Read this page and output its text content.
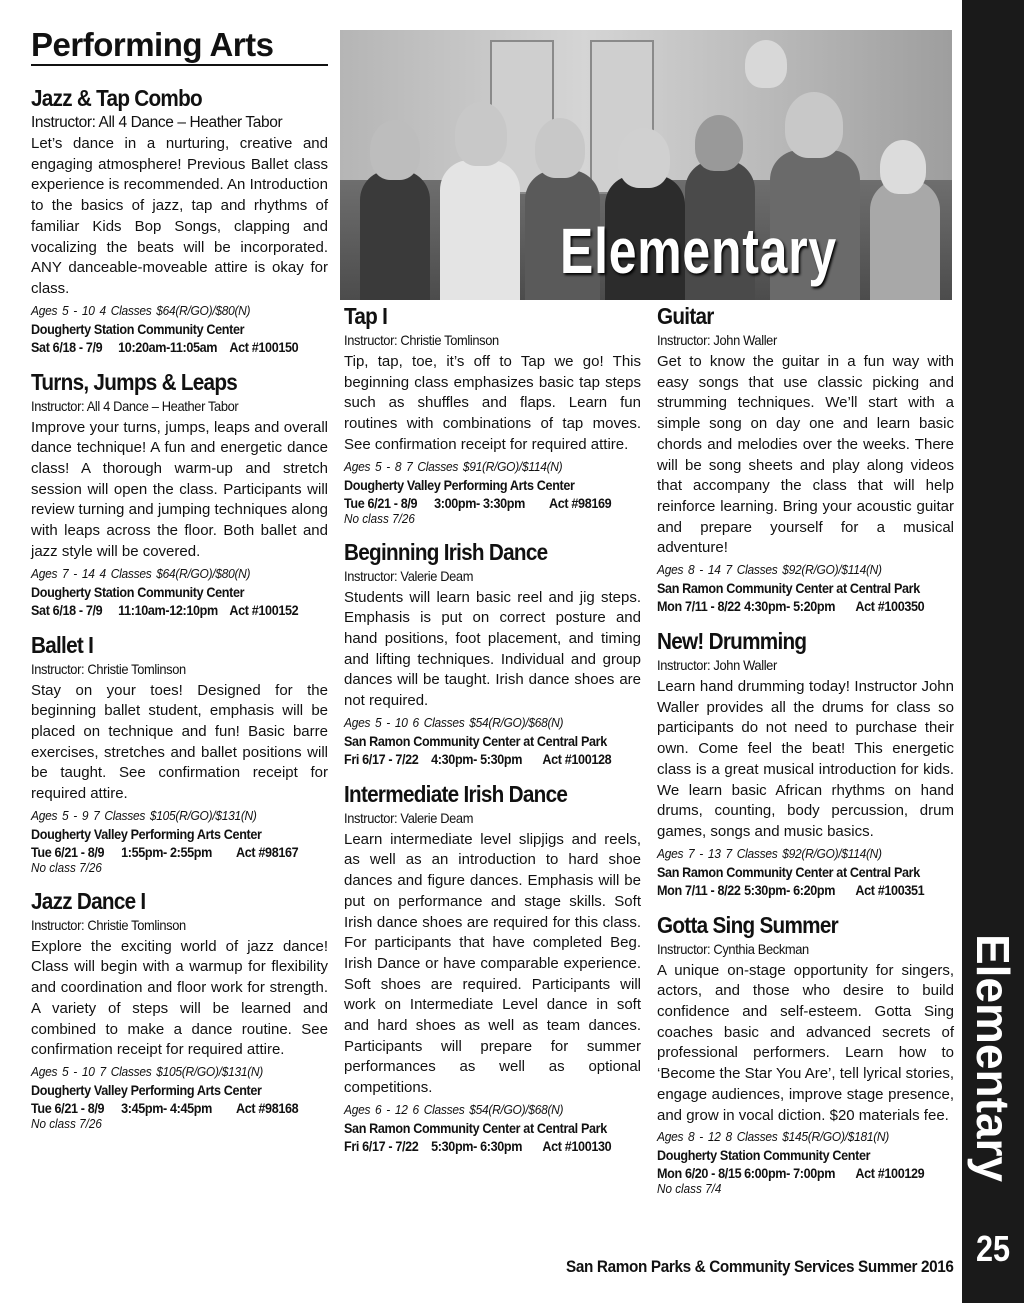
Performing Arts
Elementary
Jazz & Tap Combo
Instructor: All 4 Dance – Heather Tabor
Let’s dance in a nurturing, creative and engaging atmosphere! Previous Ballet class experience is recommended. An Introduction to the basics of jazz, tap and rhythms of familiar Kids Bop Songs, clapping and vocalizing the beats will be incorporated. ANY danceable-moveable attire is okay for class.
Ages 5 - 10 4 Classes $64(R/GO)/$80(N)
Dougherty Station Community Center
Sat 6/18 - 7/9	10:20am-11:05am Act #100150
Turns, Jumps & Leaps
Instructor: All 4 Dance – Heather Tabor
Improve your turns, jumps, leaps and overall dance technique! A fun and energetic dance class! A thorough warm-up and stretch session will open the class. Participants will review turning and jumping techniques along with leaps across the floor. Both ballet and jazz style will be covered.
Ages 7 - 14 4 Classes $64(R/GO)/$80(N)
Dougherty Station Community Center
Sat 6/18 - 7/9	11:10am-12:10pm Act #100152
Ballet I
Instructor: Christie Tomlinson
Stay on your toes! Designed for the beginning ballet student, emphasis will be placed on technique and fun! Basic barre exercises, stretches and ballet positions will be taught. See confirmation receipt for required attire.
Ages 5 - 9 7 Classes $105(R/GO)/$131(N)
Dougherty Valley Performing Arts Center
Tue 6/21 - 8/9	1:55pm- 2:55pm	Act #98167
No class 7/26
Jazz Dance I
Instructor: Christie Tomlinson
Explore the exciting world of jazz dance! Class will begin with a warmup for flexibility and coordination and floor work for strength. A variety of steps will be learned and combined to make a dance routine. See confirmation receipt for required attire.
Ages 5 - 10 7 Classes $105(R/GO)/$131(N)
Dougherty Valley Performing Arts Center
Tue 6/21 - 8/9	3:45pm- 4:45pm	Act #98168
No class 7/26
Tap I
Instructor: Christie Tomlinson
Tip, tap, toe, it’s off to Tap we go! This beginning class emphasizes basic tap steps such as shuffles and flaps. Learn fun routines with combinations of tap moves. See confirmation receipt for required attire.
Ages 5 - 8 7 Classes $91(R/GO)/$114(N)
Dougherty Valley Performing Arts Center
Tue 6/21 - 8/9	3:00pm- 3:30pm	Act #98169
No class 7/26
Beginning Irish Dance
Instructor: Valerie Deam
Students will learn basic reel and jig steps. Emphasis is put on correct posture and hand positions, foot placement, and timing and lifting techniques. Individual and group dances will be taught. Irish dance shoes are not required.
Ages 5 - 10 6 Classes $54(R/GO)/$68(N)
San Ramon Community Center at Central Park
Fri 6/17 - 7/22 4:30pm- 5:30pm	Act #100128
Intermediate Irish Dance
Instructor: Valerie Deam
Learn intermediate level slipjigs and reels, as well as an introduction to hard shoe dances and figure dances. Emphasis will be put on performance and stage skills. Soft Irish dance shoes are required for this class. For participants that have completed Beg. Irish Dance or have comparable experience. Soft shoes are required. Participants will work on Intermediate Level dance in soft and hard shoes as well as team dances. Participants will prepare for summer performances as well as optional competitions.
Ages 6 - 12 6 Classes $54(R/GO)/$68(N)
San Ramon Community Center at Central Park
Fri 6/17 - 7/22 5:30pm- 6:30pm	Act #100130
Guitar
Instructor: John Waller
Get to know the guitar in a fun way with easy songs that use classic picking and strumming techniques. We’ll start with a simple song on day one and learn basic chords and melodies over the weeks. There will be song sheets and play along videos that accompany the class that will help reinforce learning. Bring your acoustic guitar and prepare yourself for a musical adventure!
Ages 8 - 14 7 Classes $92(R/GO)/$114(N)
San Ramon Community Center at Central Park
Mon 7/11 - 8/22 4:30pm- 5:20pm	Act #100350
New! Drumming
Instructor: John Waller
Learn hand drumming today! Instructor John Waller provides all the drums for class so participants do not need to purchase their own. Come feel the beat! This energetic class is a great musical introduction for kids. We learn basic African rhythms on hand drums, counting, body percussion, drum games, songs and music basics.
Ages 7 - 13 7 Classes $92(R/GO)/$114(N)
San Ramon Community Center at Central Park
Mon 7/11 - 8/22 5:30pm- 6:20pm	Act #100351
Gotta Sing Summer
Instructor: Cynthia Beckman
A unique on-stage opportunity for singers, actors, and those who desire to build confidence and self-esteem. Gotta Sing coaches basic and advanced secrets of professional performers. Learn how to ‘Become the Star You Are’, tell lyrical stories, engage audiences, improve stage presence, and grow in vocal diction. $20 materials fee.
Ages 8 - 12 8 Classes $145(R/GO)/$181(N)
Dougherty Station Community Center
Mon 6/20 - 8/15 6:00pm- 7:00pm	Act #100129
No class 7/4
Elementary
25
San Ramon Parks & Community Services Summer 2016
